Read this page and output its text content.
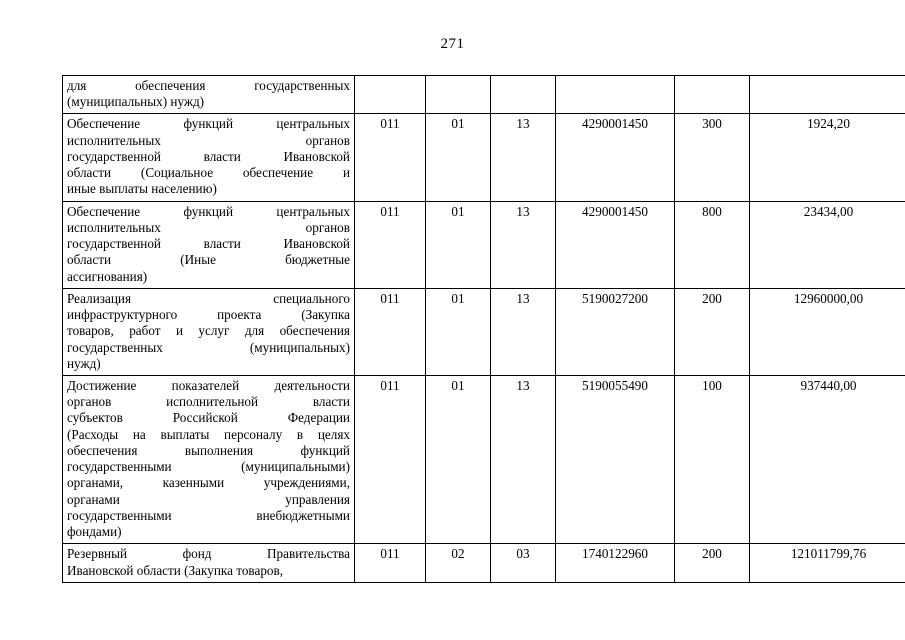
271
для обеспечения государственных
(муниципальных) нужд)						

Обеспечение функций центральных
исполнительных органов
государственной власти Ивановской
области (Социальное обеспечение и
иные выплаты населению)	011	01	13	4290001450	300	1924,20

Обеспечение функций центральных
исполнительных органов
государственной власти Ивановской
области (Иные бюджетные
ассигнования)	011	01	13	4290001450	800	23434,00

Реализация специального
инфраструктурного проекта (Закупка
товаров, работ и услуг для обеспечения
государственных (муниципальных)
нужд)	011	01	13	5190027200	200	12960000,00

Достижение показателей деятельности
органов исполнительной власти
субъектов Российской Федерации
(Расходы на выплаты персоналу в целях
обеспечения выполнения функций
государственными (муниципальными)
органами, казенными учреждениями,
органами управления
государственными внебюджетными
фондами)
	011	01	13	5190055490	100	937440,00

Резервный фонд Правительства
Ивановской области (Закупка товаров,	011	02	03	1740122960	200	121011799,76
